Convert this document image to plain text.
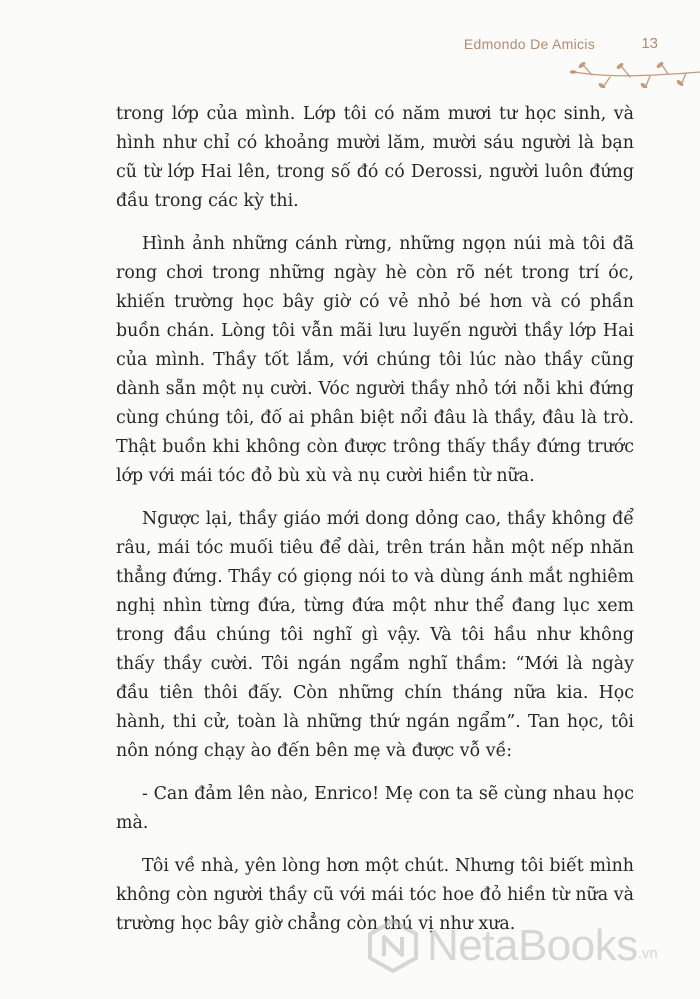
Edmondo De Amicis	13

trong lớp của mình. Lớp tôi có năm mươi tư học sinh, và hình như chỉ có khoảng mười lăm, mười sáu người là bạn cũ từ lớp Hai lên, trong số đó có Derossi, người luôn đứng đầu trong các kỳ thi.

Hình ảnh những cánh rừng, những ngọn núi mà tôi đã rong chơi trong những ngày hè còn rõ nét trong trí óc, khiến trường học bây giờ có vẻ nhỏ bé hơn và có phần buồn chán. Lòng tôi vẫn mãi lưu luyến người thầy lớp Hai của mình. Thầy tốt lắm, với chúng tôi lúc nào thầy cũng dành sẵn một nụ cười. Vóc người thầy nhỏ tới nỗi khi đứng cùng chúng tôi, đố ai phân biệt nổi đâu là thầy, đâu là trò. Thật buồn khi không còn được trông thấy thầy đứng trước lớp với mái tóc đỏ bù xù và nụ cười hiền từ nữa.

Ngược lại, thầy giáo mới dong dỏng cao, thầy không để râu, mái tóc muối tiêu để dài, trên trán hằn một nếp nhăn thẳng đứng. Thầy có giọng nói to và dùng ánh mắt nghiêm nghị nhìn từng đứa, từng đứa một như thể đang lục xem trong đầu chúng tôi nghĩ gì vậy. Và tôi hầu như không thấy thầy cười. Tôi ngán ngẩm nghĩ thầm: “Mới là ngày đầu tiên thôi đấy. Còn những chín tháng nữa kia. Học hành, thi cử, toàn là những thứ ngán ngẩm”. Tan học, tôi nôn nóng chạy ào đến bên mẹ và được vỗ về:

- Can đảm lên nào, Enrico! Mẹ con ta sẽ cùng nhau học mà.

Tôi về nhà, yên lòng hơn một chút. Nhưng tôi biết mình không còn người thầy cũ với mái tóc hoe đỏ hiền từ nữa và trường học bây giờ chẳng còn thú vị như xưa.

NetaBooks .vn
